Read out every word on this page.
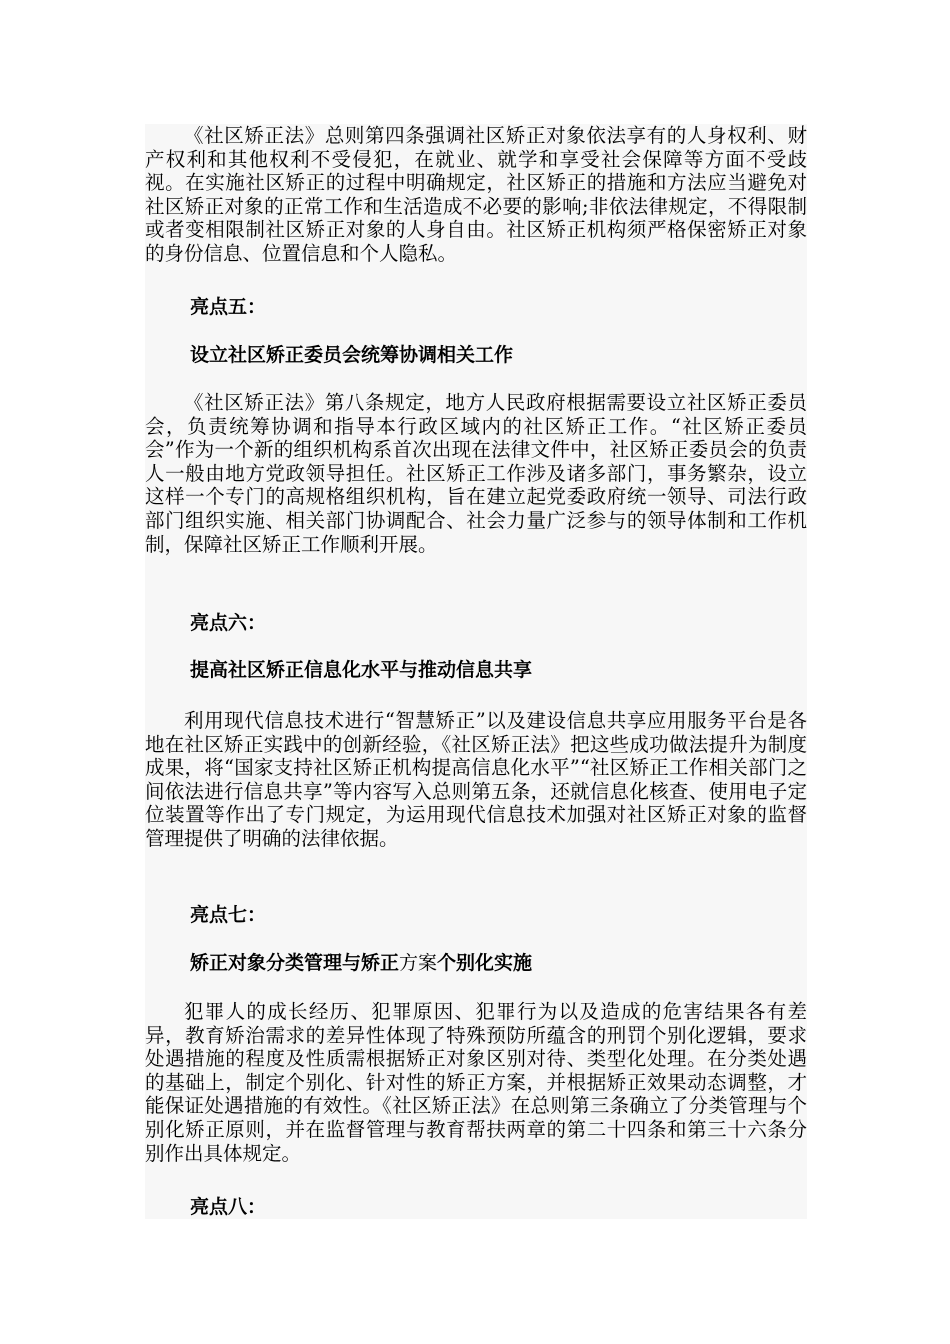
《社区矫正法》总则第四条强调社区矫正对象依法享有的人身权利、财产权利和其他权利不受侵犯，在就业、就学和享受社会保障等方面不受歧视。在实施社区矫正的过程中明确规定，社区矫正的措施和方法应当避免对社区矫正对象的正常工作和生活造成不必要的影响;非依法律规定，不得限制或者变相限制社区矫正对象的人身自由。社区矫正机构须严格保密矫正对象的身份信息、位置信息和个人隐私。

亮点五：

设立社区矫正委员会统筹协调相关工作

《社区矫正法》第八条规定，地方人民政府根据需要设立社区矫正委员会，负责统筹协调和指导本行政区域内的社区矫正工作。“社区矫正委员会”作为一个新的组织机构系首次出现在法律文件中，社区矫正委员会的负责人一般由地方党政领导担任。社区矫正工作涉及诸多部门，事务繁杂，设立这样一个专门的高规格组织机构，旨在建立起党委政府统一领导、司法行政部门组织实施、相关部门协调配合、社会力量广泛参与的领导体制和工作机制，保障社区矫正工作顺利开展。

亮点六：

提高社区矫正信息化水平与推动信息共享

利用现代信息技术进行“智慧矫正”以及建设信息共享应用服务平台是各地在社区矫正实践中的创新经验，《社区矫正法》把这些成功做法提升为制度成果，将“国家支持社区矫正机构提高信息化水平”“社区矫正工作相关部门之间依法进行信息共享”等内容写入总则第五条，还就信息化核查、使用电子定位装置等作出了专门规定，为运用现代信息技术加强对社区矫正对象的监督管理提供了明确的法律依据。

亮点七：

矫正对象分类管理与矫正方案个别化实施

犯罪人的成长经历、犯罪原因、犯罪行为以及造成的危害结果各有差异，教育矫治需求的差异性体现了特殊预防所蕴含的刑罚个别化逻辑，要求处遇措施的程度及性质需根据矫正对象区别对待、类型化处理。在分类处遇的基础上，制定个别化、针对性的矫正方案，并根据矫正效果动态调整，才能保证处遇措施的有效性。《社区矫正法》在总则第三条确立了分类管理与个别化矫正原则，并在监督管理与教育帮扶两章的第二十四条和第三十六条分别作出具体规定。

亮点八：
